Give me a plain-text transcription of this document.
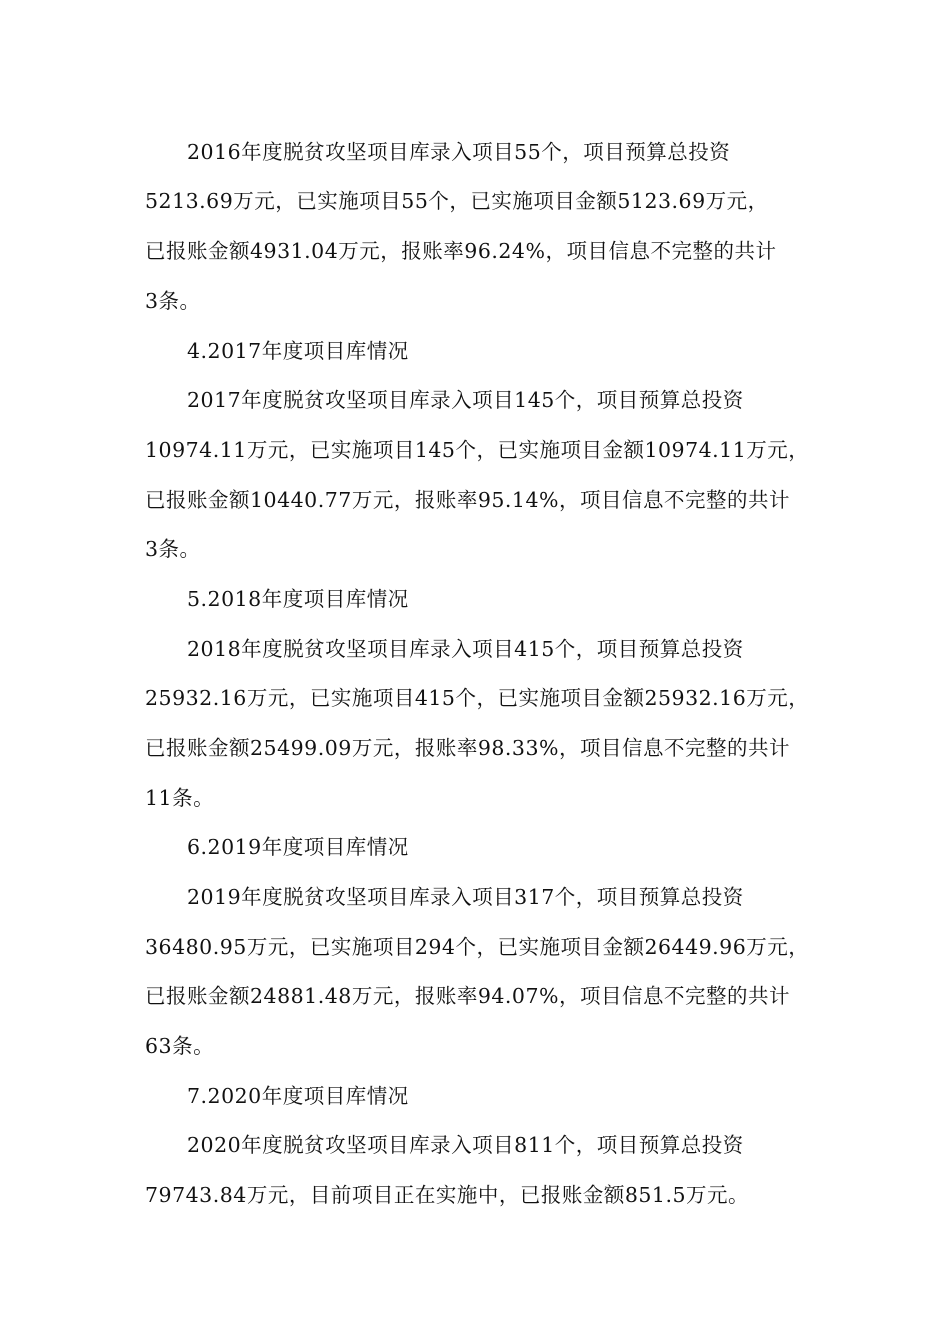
2016年度脱贫攻坚项目库录入项目55个，项目预算总投资
5213.69万元，已实施项目55个，已实施项目金额5123.69万元，
已报账金额4931.04万元，报账率96.24%，项目信息不完整的共计
3条。
4.2017年度项目库情况
2017年度脱贫攻坚项目库录入项目145个，项目预算总投资
10974.11万元，已实施项目145个，已实施项目金额10974.11万元，
已报账金额10440.77万元，报账率95.14%，项目信息不完整的共计
3条。
5.2018年度项目库情况
2018年度脱贫攻坚项目库录入项目415个，项目预算总投资
25932.16万元，已实施项目415个，已实施项目金额25932.16万元，
已报账金额25499.09万元，报账率98.33%，项目信息不完整的共计
11条。
6.2019年度项目库情况
2019年度脱贫攻坚项目库录入项目317个，项目预算总投资
36480.95万元，已实施项目294个，已实施项目金额26449.96万元，
已报账金额24881.48万元，报账率94.07%，项目信息不完整的共计
63条。
7.2020年度项目库情况
2020年度脱贫攻坚项目库录入项目811个，项目预算总投资
79743.84万元，目前项目正在实施中，已报账金额851.5万元。
